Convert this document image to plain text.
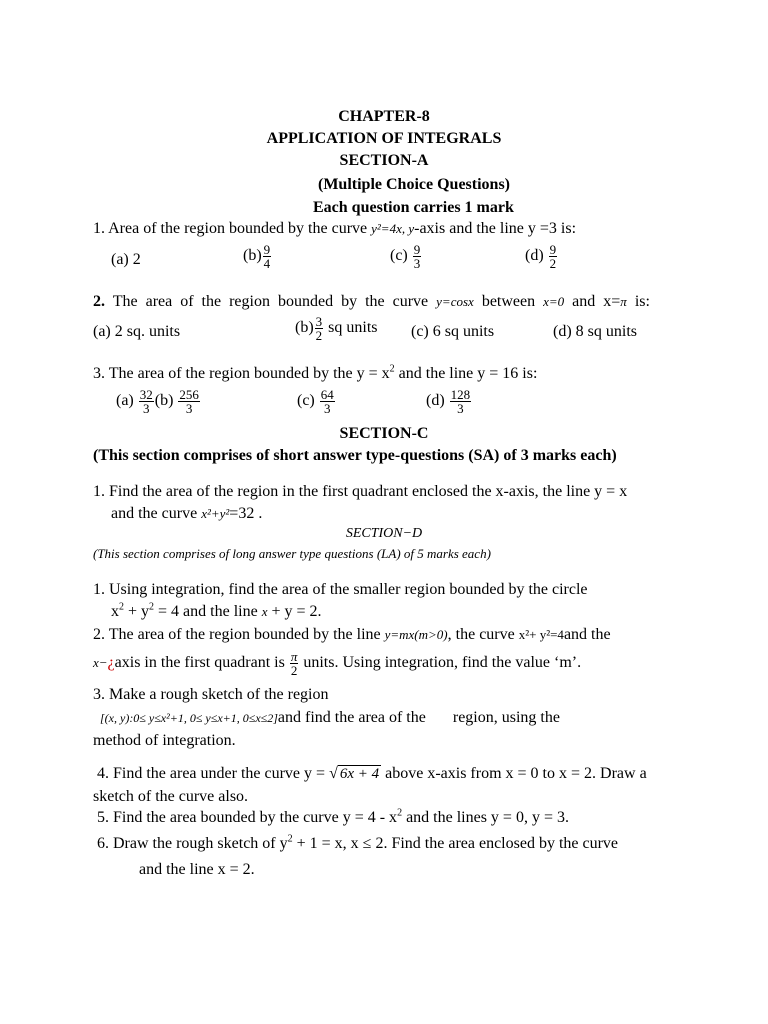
CHAPTER-8
APPLICATION OF INTEGRALS
SECTION-A
(Multiple Choice Questions)
Each question carries 1 mark
1. Area of the region bounded by the curve y²=4x, y-axis and the line y =3 is:
(a) 2	$(b) \frac{9}{4}$	$(c) \frac{9}{3}$	$(d) \frac{9}{2}$
2. The area of the region bounded by the curve y=cosx between x=0 and x=π is:
(a) 2 sq. units	$(b) \frac{3}{2}$ sq units (c) 6 sq units	(d) 8 sq units
3. The area of the region bounded by the $y = x^2$ and the line y = 16 is:
$(a) \frac{32}{3} (b) \frac{256}{3}$	$(c) \frac{64}{3}$	$(d) \frac{128}{3}$
SECTION-C
(This section comprises of short answer type-questions (SA) of 3 marks each)
1. Find the area of the region in the first quadrant enclosed the x-axis, the line y = x
and the curve x²+y²=32 .
SECTION−D
(This section comprises of long answer type questions (LA) of 5 marks each)
1. Using integration, find the area of the smaller region bounded by the circle
$x^2 + y^2 = 4$ and the line x + y = 2.
2. The area of the region bounded by the line y=mx(m>0), the curve x²+ y²=4and the
x−¿axis in the first quadrant is $\frac{\pi}{2}$ units. Using integration, find the value ‘m’.
3. Make a rough sketch of the region
[(x, y):0≤ y≤x²+1, 0≤ y≤x+1, 0≤x≤2]and find the area of the region, using the
method of integration.
4. Find the area under the curve y = √ 6x + 4 above x-axis from x = 0 to x = 2. Draw a
sketch of the curve also.
5. Find the area bounded by the curve $y = 4 - x^2$ and the lines y = 0, y = 3.
6. Draw the rough sketch of $y^2 + 1 = x$, x ≤ 2. Find the area enclosed by the curve
and the line x = 2.
